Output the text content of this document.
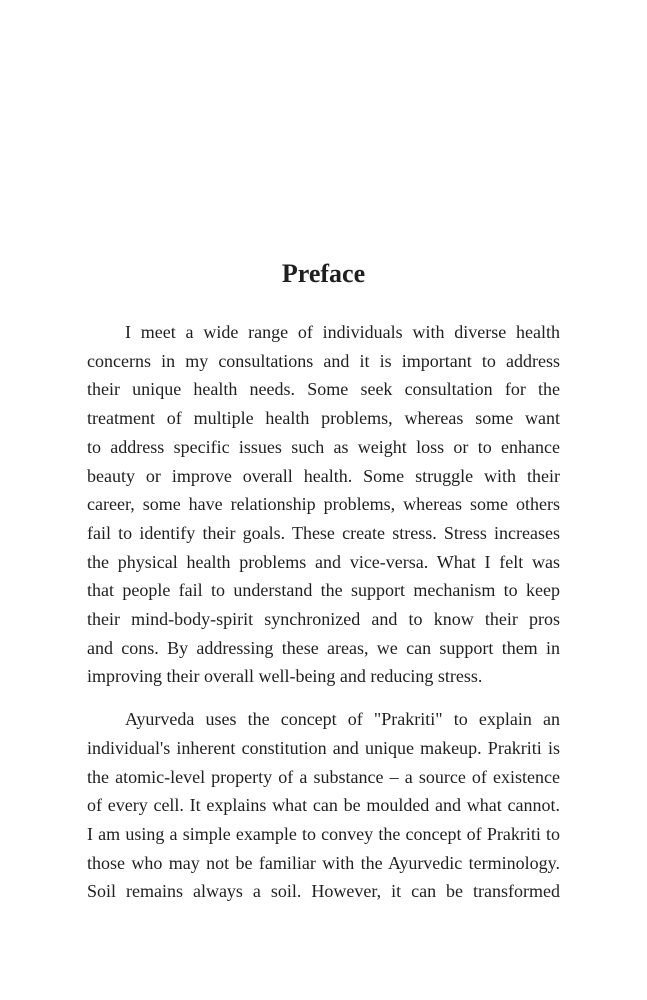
Preface
I meet a wide range of individuals with diverse health
concerns in my consultations and it is important to address
their unique health needs. Some seek consultation for the
treatment of multiple health problems, whereas some want
to address specific issues such as weight loss or to enhance
beauty or improve overall health. Some struggle with their
career, some have relationship problems, whereas some others
fail to identify their goals. These create stress. Stress increases
the physical health problems and vice-versa. What I felt was
that people fail to understand the support mechanism to keep
their mind-body-spirit synchronized and to know their pros
and cons. By addressing these areas, we can support them in
improving their overall well-being and reducing stress.
Ayurveda uses the concept of "Prakriti" to explain an
individual's inherent constitution and unique makeup. Prakriti is
the atomic-level property of a substance – a source of existence
of every cell. It explains what can be moulded and what cannot.
I am using a simple example to convey the concept of Prakriti to
those who may not be familiar with the Ayurvedic terminology.
Soil remains always a soil. However, it can be transformed
